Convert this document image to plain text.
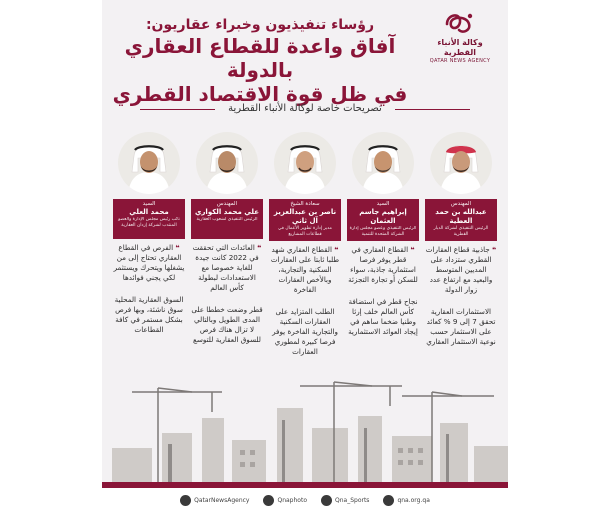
وكالة الأنباء القطرية
QATAR NEWS AGENCY
رؤساء تنفيذيون وخبراء عقاريون:
آفاق واعدة للقطاع العقاري بالدولة
في ظل قوة الاقتصاد القطري
تصريحات خاصة لوكالة الأنباء القطرية
المهندس
عبدالله بن حمد العطية
الرئيس التنفيذي لشركة الديار القطرية
❝ جاذبية قطاع العقارات القطري ستزداد على المديين المتوسط والبعيد مع ارتفاع عدد زوار الدولة
الاستثمارات العقارية تحقق 7 إلى 9 % كعائد على الاستثمار حسب نوعية الاستثمار العقاري
السيد
إبراهيم جاسم العثمان
الرئيس التنفيذي وعضو مجلس إدارة الشركة المتحدة للتنمية
❝ القطاع العقاري في قطر يوفر فرصا استثمارية جاذبة، سواء للسكن أو تجارة التجزئة
نجاح قطر في استضافة كأس العالم خلف إرثا وطنيا ضخما ساهم في إيجاد العوائد الاستثمارية
سعادة الشيخ
ناصر بن عبدالعزيز آل ثاني
مدير إدارة تطوير الأعمال في قطاعات المشاريع
❝ القطاع العقاري شهد طلبا ثابتا على العقارات السكنية والتجارية، وبالأخص العقارات الفاخرة
الطلب المتزايد على العقارات السكنية والتجارية الفاخرة يوفر فرصا كبيرة لمطوري العقارات
المهندس
علي محمد الكواري
الرئيس التنفيذي لشعوب العقارية
❝ العائدات التي تحققت في 2022 كانت جيدة للغاية خصوصا مع الاستعدادات لبطولة كأس العالم
قطر وضعت خططا على المدى الطويل وبالتالي لا تزال هناك فرص للسوق العقارية للتوسع
السيد
محمد العلي
نائب رئيس مجلس الإدارة والعضو المنتدب لشركة إزدان العقارية
❝ الفرص في القطاع العقاري تحتاج إلى من يشغلها ويتحرك ويستثمر لكي يجني فوائدها
السوق العقارية المحلية سوق ناشئة، وبها فرص بشكل مستمر في كافة القطاعات
QatarNewsAgency	Qnaphoto	Qna_Sports	qna.org.qa
